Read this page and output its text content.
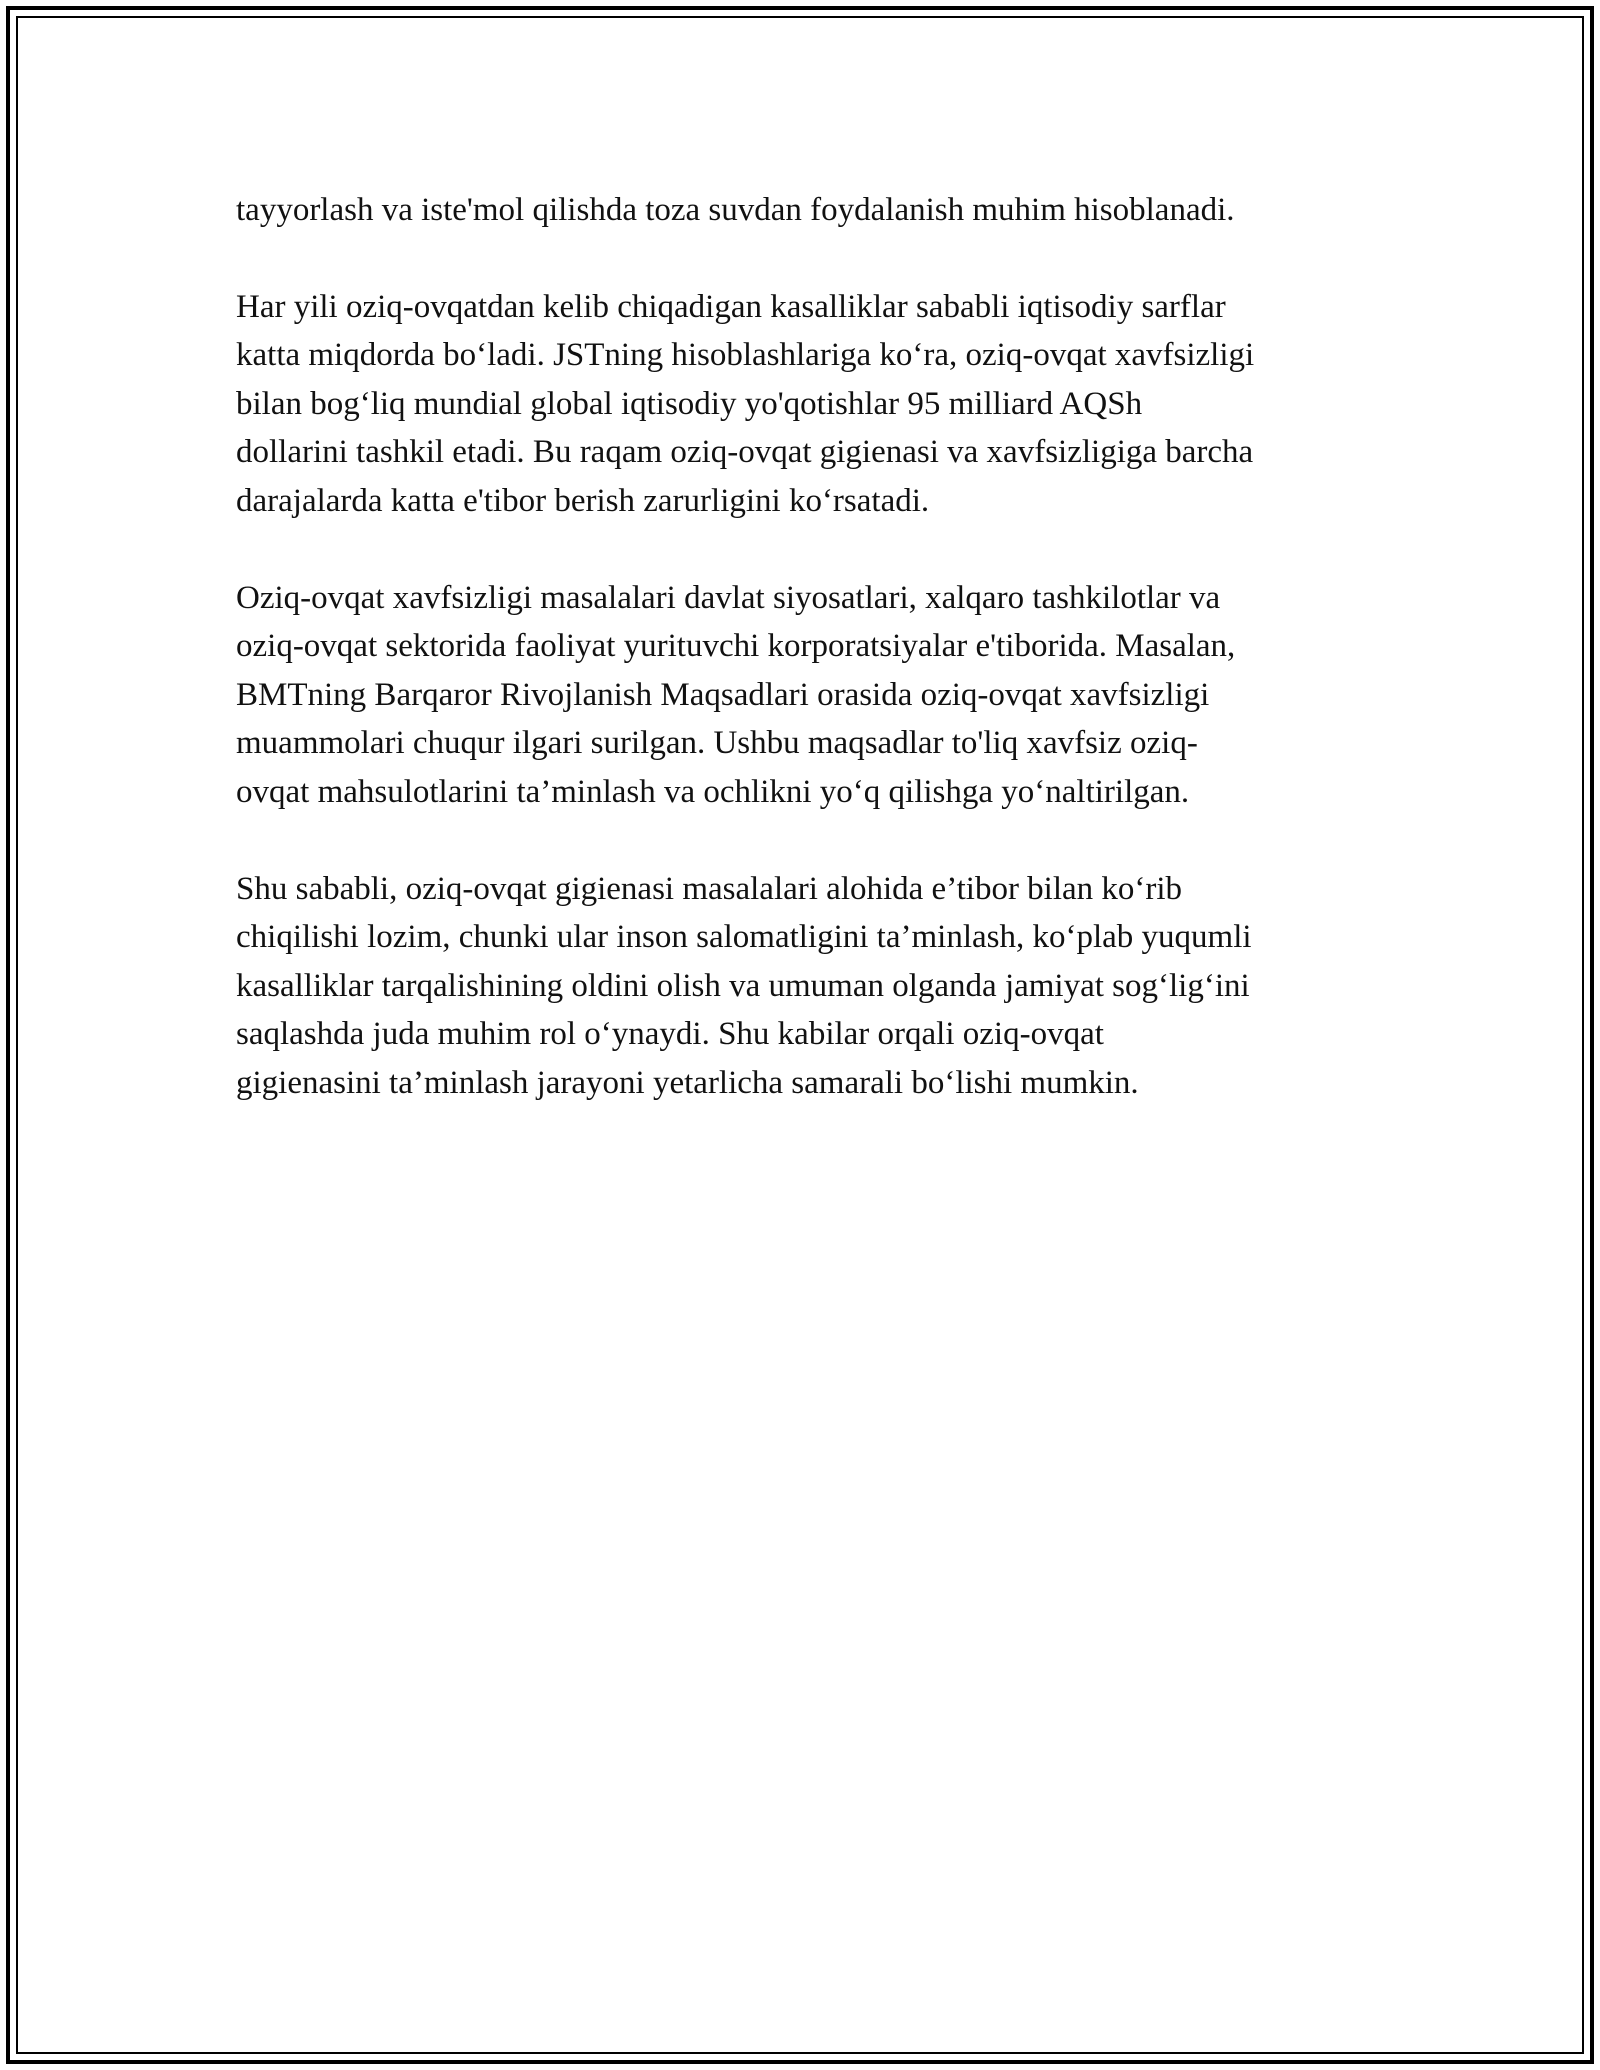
tayyorlash va iste'mol qilishda toza suvdan foydalanish muhim hisoblanadi.

Har yili oziq-ovqatdan kelib chiqadigan kasalliklar sababli iqtisodiy sarflar
katta miqdorda bo‘ladi. JSTning hisoblashlariga ko‘ra, oziq-ovqat xavfsizligi
bilan bog‘liq mundial global iqtisodiy yo'qotishlar 95 milliard AQSh
dollarini tashkil etadi. Bu raqam oziq-ovqat gigienasi va xavfsizligiga barcha
darajalarda katta e'tibor berish zarurligini ko‘rsatadi.

Oziq-ovqat xavfsizligi masalalari davlat siyosatlari, xalqaro tashkilotlar va
oziq-ovqat sektorida faoliyat yurituvchi korporatsiyalar e'tiborida. Masalan,
BMTning Barqaror Rivojlanish Maqsadlari orasida oziq-ovqat xavfsizligi
muammolari chuqur ilgari surilgan. Ushbu maqsadlar to'liq xavfsiz oziq-
ovqat mahsulotlarini ta’minlash va ochlikni yo‘q qilishga yo‘naltirilgan.

Shu sababli, oziq-ovqat gigienasi masalalari alohida e’tibor bilan ko‘rib
chiqilishi lozim, chunki ular inson salomatligini ta’minlash, ko‘plab yuqumli
kasalliklar tarqalishining oldini olish va umuman olganda jamiyat sog‘lig‘ini
saqlashda juda muhim rol o‘ynaydi. Shu kabilar orqali oziq-ovqat
gigienasini ta’minlash jarayoni yetarlicha samarali bo‘lishi mumkin.
